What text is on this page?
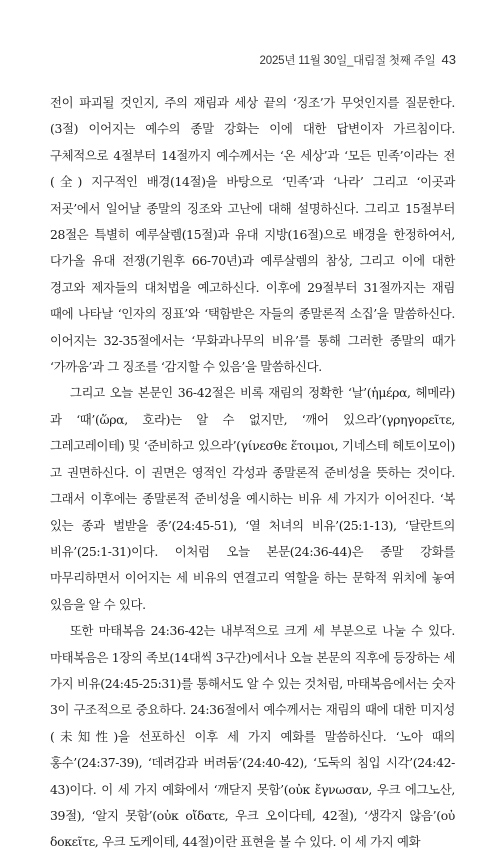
2025년 11월 30일_대림절 첫째 주일 43

전이 파괴될 것인지, 주의 재림과 세상 끝의 ‘징조’가 무엇인지를 질문한다.(3절) 이어지는 예수의 종말 강화는 이에 대한 답변이자 가르침이다. 구체적으로 4절부터 14절까지 예수께서는 ‘온 세상’과 ‘모든 민족’이라는 전(全) 지구적인 배경(14절)을 바탕으로 ‘민족’과 ‘나라’ 그리고 ‘이곳과 저곳’에서 일어날 종말의 징조와 고난에 대해 설명하신다. 그리고 15절부터 28절은 특별히 예루살렘(15절)과 유대 지방(16절)으로 배경을 한정하여서, 다가올 유대 전쟁(기원후 66-70년)과 예루살렘의 참상, 그리고 이에 대한 경고와 제자들의 대처법을 예고하신다. 이후에 29절부터 31절까지는 재림 때에 나타날 ‘인자의 징표’와 ‘택함받은 자들의 종말론적 소집’을 말씀하신다. 이어지는 32-35절에서는 ‘무화과나무의 비유’를 통해 그러한 종말의 때가 ‘가까움’과 그 징조를 ‘감지할 수 있음’을 말씀하신다.

그리고 오늘 본문인 36-42절은 비록 재림의 정확한 ‘날’(ἡμέρα, 헤메라)과 ‘때’(ὥρα, 호라)는 알 수 없지만, ‘깨어 있으라’(γρηγορεῖτε, 그레고레이테) 및 ‘준비하고 있으라’(γίνεσθε ἕτοιμοι, 기네스테 헤토이모이)고 권면하신다. 이 권면은 영적인 각성과 종말론적 준비성을 뜻하는 것이다. 그래서 이후에는 종말론적 준비성을 예시하는 비유 세 가지가 이어진다. ‘복 있는 종과 벌받을 종’(24:45-51), ‘열 처녀의 비유’(25:1-13), ‘달란트의 비유’(25:1-31)이다. 이처럼 오늘 본문(24:36-44)은 종말 강화를 마무리하면서 이어지는 세 비유의 연결고리 역할을 하는 문학적 위치에 놓여 있음을 알 수 있다.

또한 마태복음 24:36-42는 내부적으로 크게 세 부분으로 나눌 수 있다. 마태복음은 1장의 족보(14대씩 3구간)에서나 오늘 본문의 직후에 등장하는 세 가지 비유(24:45-25:31)를 통해서도 알 수 있는 것처럼, 마태복음에서는 숫자 3이 구조적으로 중요하다. 24:36절에서 예수께서는 재림의 때에 대한 미지성(未知性)을 선포하신 이후 세 가지 예화를 말씀하신다. ‘노아 때의 홍수’(24:37-39), ‘데려감과 버려둠’(24:40-42), ‘도둑의 침입 시각’(24:42-43)이다. 이 세 가지 예화에서 ‘깨닫지 못함’(οὐκ ἔγνωσαν, 우크 에그노산, 39절), ‘알지 못함’(οὐκ οἴδατε, 우크 오이다테, 42절), ‘생각지 않음’(οὐ δοκεῖτε, 우크 도케이테, 44절)이란 표현을 볼 수 있다. 이 세 가지 예화
